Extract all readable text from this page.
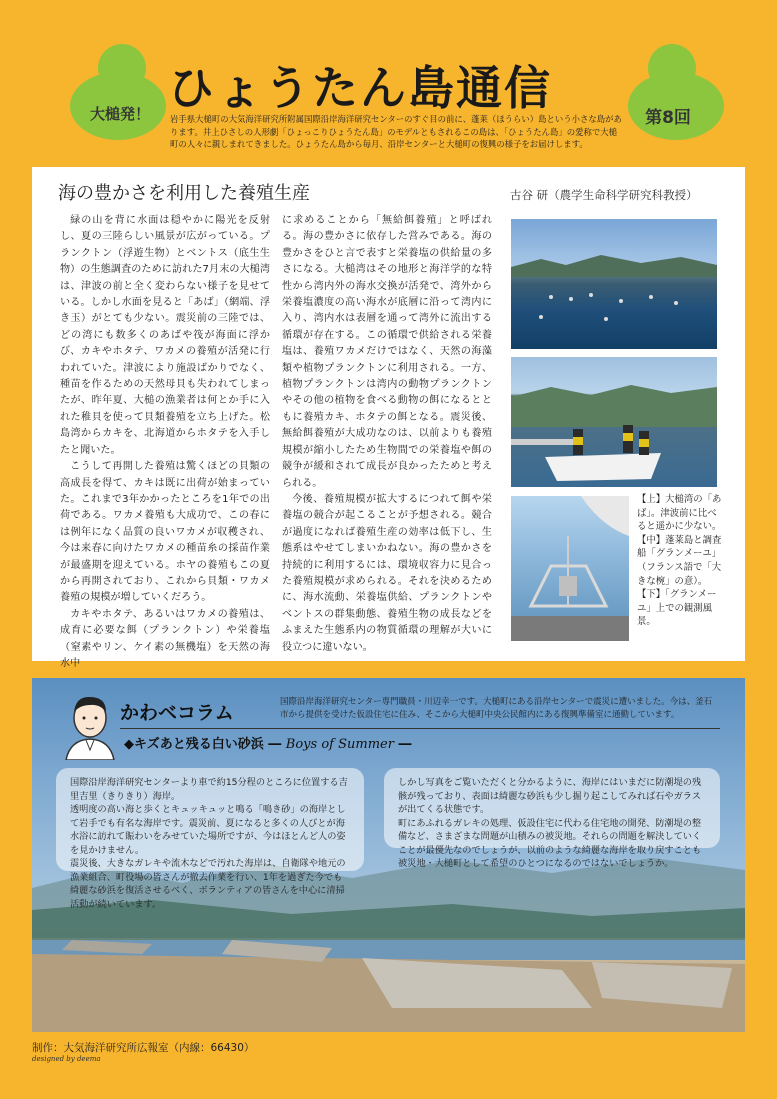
大槌発！	第8回
ひょうたん島通信
岩手県大槌町の大気海洋研究所附属国際沿岸海洋研究センターのすぐ目の前に、蓬莱（ほうらい）島という小さな島があります。井上ひさしの人形劇「ひょっこりひょうたん島」のモデルともされるこの島は、「ひょうたん島」の愛称で大槌町の人々に親しまれてきました。ひょうたん島から毎月、沿岸センターと大槌町の復興の様子をお届けします。
海の豊かさを利用した養殖生産	古谷 研（農学生命科学研究科教授）

緑の山を背に水面は穏やかに陽光を反射し、夏の三陸らしい風景が広がっている。プランクトン（浮遊生物）とベントス（底生生物）の生態調査のために訪れた7月末の大槌湾は、津波の前と全く変わらない様子を見せている。しかし水面を見ると「あば」（網端、浮き玉）がとても少ない。震災前の三陸では、どの湾にも数多くのあばや筏が海面に浮かび、カキやホタテ、ワカメの養殖が活発に行われていた。津波により施設ばかりでなく、種苗を作るための天然母貝も失われてしまったが、昨年夏、大槌の漁業者は何とか手に入れた稚貝を使って貝類養殖を立ち上げた。松島湾からカキを、北海道からホタテを入手したと聞いた。

こうして再開した養殖は驚くほどの貝類の高成長を得て、カキは既に出荷が始まっていた。これまで3年かかったところを1年での出荷である。ワカメ養殖も大成功で、この春には例年になく品質の良いワカメが収穫され、今は来春に向けたワカメの種苗糸の採苗作業が最盛期を迎えている。ホヤの養殖もこの夏から再開されており、これから貝類・ワカメ養殖の規模が増していくだろう。

カキやホタテ、あるいはワカメの養殖は、成育に必要な餌（プランクトン）や栄養塩（窒素やリン、ケイ素の無機塩）を天然の海水中

に求めることから「無給餌養殖」と呼ばれる。海の豊かさに依存した営みである。海の豊かさをひと言で表すと栄養塩の供給量の多さになる。大槌湾はその地形と海洋学的な特性から湾内外の海水交換が活発で、湾外から栄養塩濃度の高い海水が底層に沿って湾内に入り、湾内水は表層を通って湾外に流出する循環が存在する。この循環で供給される栄養塩は、養殖ワカメだけではなく、天然の海藻類や植物プランクトンに利用される。一方、植物プランクトンは湾内の動物プランクトンやその他の植物を食べる動物の餌になるとともに養殖カキ、ホタテの餌となる。震災後、無給餌養殖が大成功なのは、以前よりも養殖規模が縮小したため生物間での栄養塩や餌の競争が緩和されて成長が良かったためと考えられる。

今後、養殖規模が拡大するにつれて餌や栄養塩の競合が起こることが予想される。競合が過度になれば養殖生産の効率は低下し、生態系はやせてしまいかねない。海の豊かさを持続的に利用するには、環境収容力に見合った養殖規模が求められる。それを決めるために、海水流動、栄養塩供給、プランクトンやベントスの群集動態、養殖生物の成長などをふまえた生態系内の物質循環の理解が大いに役立つに違いない。

【上】大槌湾の「あば」。津波前に比べると遥かに少ない。【中】蓬莱島と調査船「グランメーユ」（フランス語で「大きな椀」の意）。【下】「グランメーユ」上での観測風景。
かわベコラム
◆キズあと残る白い砂浜 ― Boys of Summer ―
国際沿岸海洋研究センター専門職員・川辺幸一です。大槌町にある沿岸センターで震災に遭いました。今は、釜石市から提供を受けた仮設住宅に住み、そこから大槌町中央公民館内にある復興準備室に通勤しています。

国際沿岸海洋研究センターより車で約15分程のところに位置する吉里吉里（きりきり）海岸。

透明度の高い海と歩くとキュッキュッと鳴る「鳴き砂」の海岸として岩手でも有名な海岸です。震災前、夏になると多くの人びとが海水浴に訪れて賑わいをみせていた場所ですが、今はほとんど人の姿を見かけません。

震災後、大きなガレキや流木などで汚れた海岸は、自衛隊や地元の漁業組合、町役場の皆さんが撤去作業を行い、1年を過ぎた今でも綺麗な砂浜を復活させるべく、ボランティアの皆さんを中心に清掃活動が続いています。

しかし写真をご覧いただくと分かるように、海岸にはいまだに防潮堤の残骸が残っており、表面は綺麗な砂浜も少し掘り起こしてみれば石やガラスが出てくる状態です。

町にあふれるガレキの処理、仮設住宅に代わる住宅地の開発、防潮堤の整備など、さまざまな問題が山積みの被災地。それらの問題を解決していくことが最優先なのでしょうが、以前のような綺麗な海岸を取り戻すことも被災地・大槌町として希望のひとつになるのではないでしょうか。

制作：大気海洋研究所広報室（内線：66430）
designed by deema
